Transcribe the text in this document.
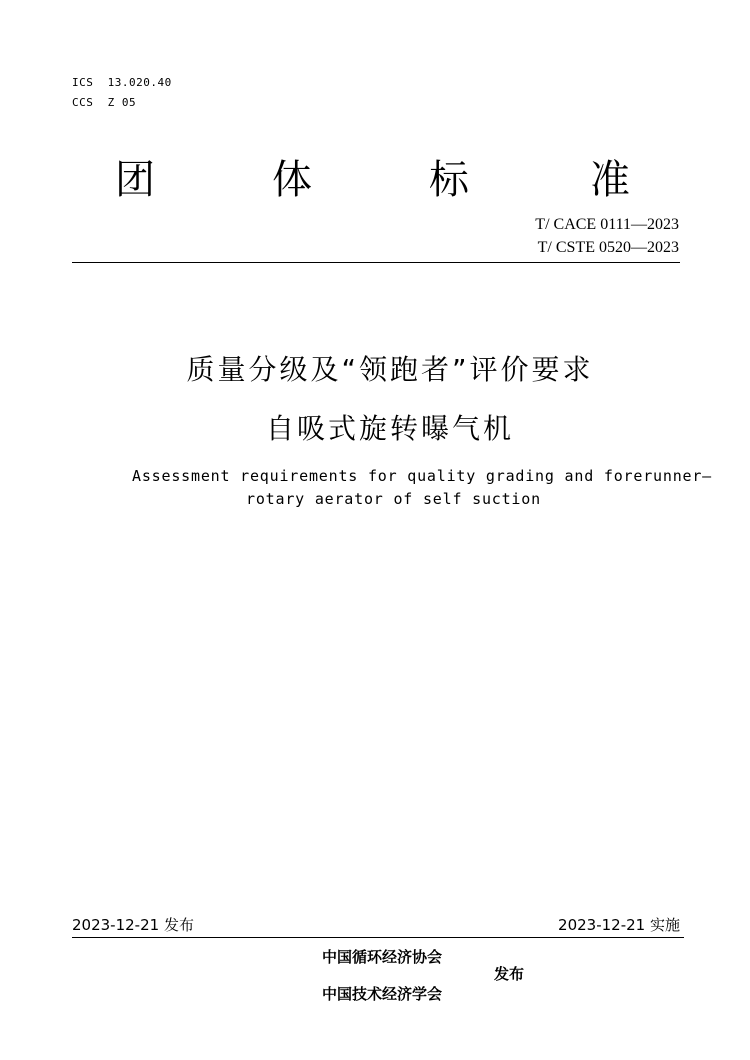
ICS  13.020.40
CCS  Z 05
团	体	标	准
T/ CACE 0111—2023
T/ CSTE 0520—2023
质量分级及“领跑者”评价要求
自吸式旋转曝气机
Assessment requirements for quality grading and forerunner—
rotary aerator of self suction
2023-12-21 发布	2023-12-21 实施
中国循环经济协会
中国技术经济学会
发布
